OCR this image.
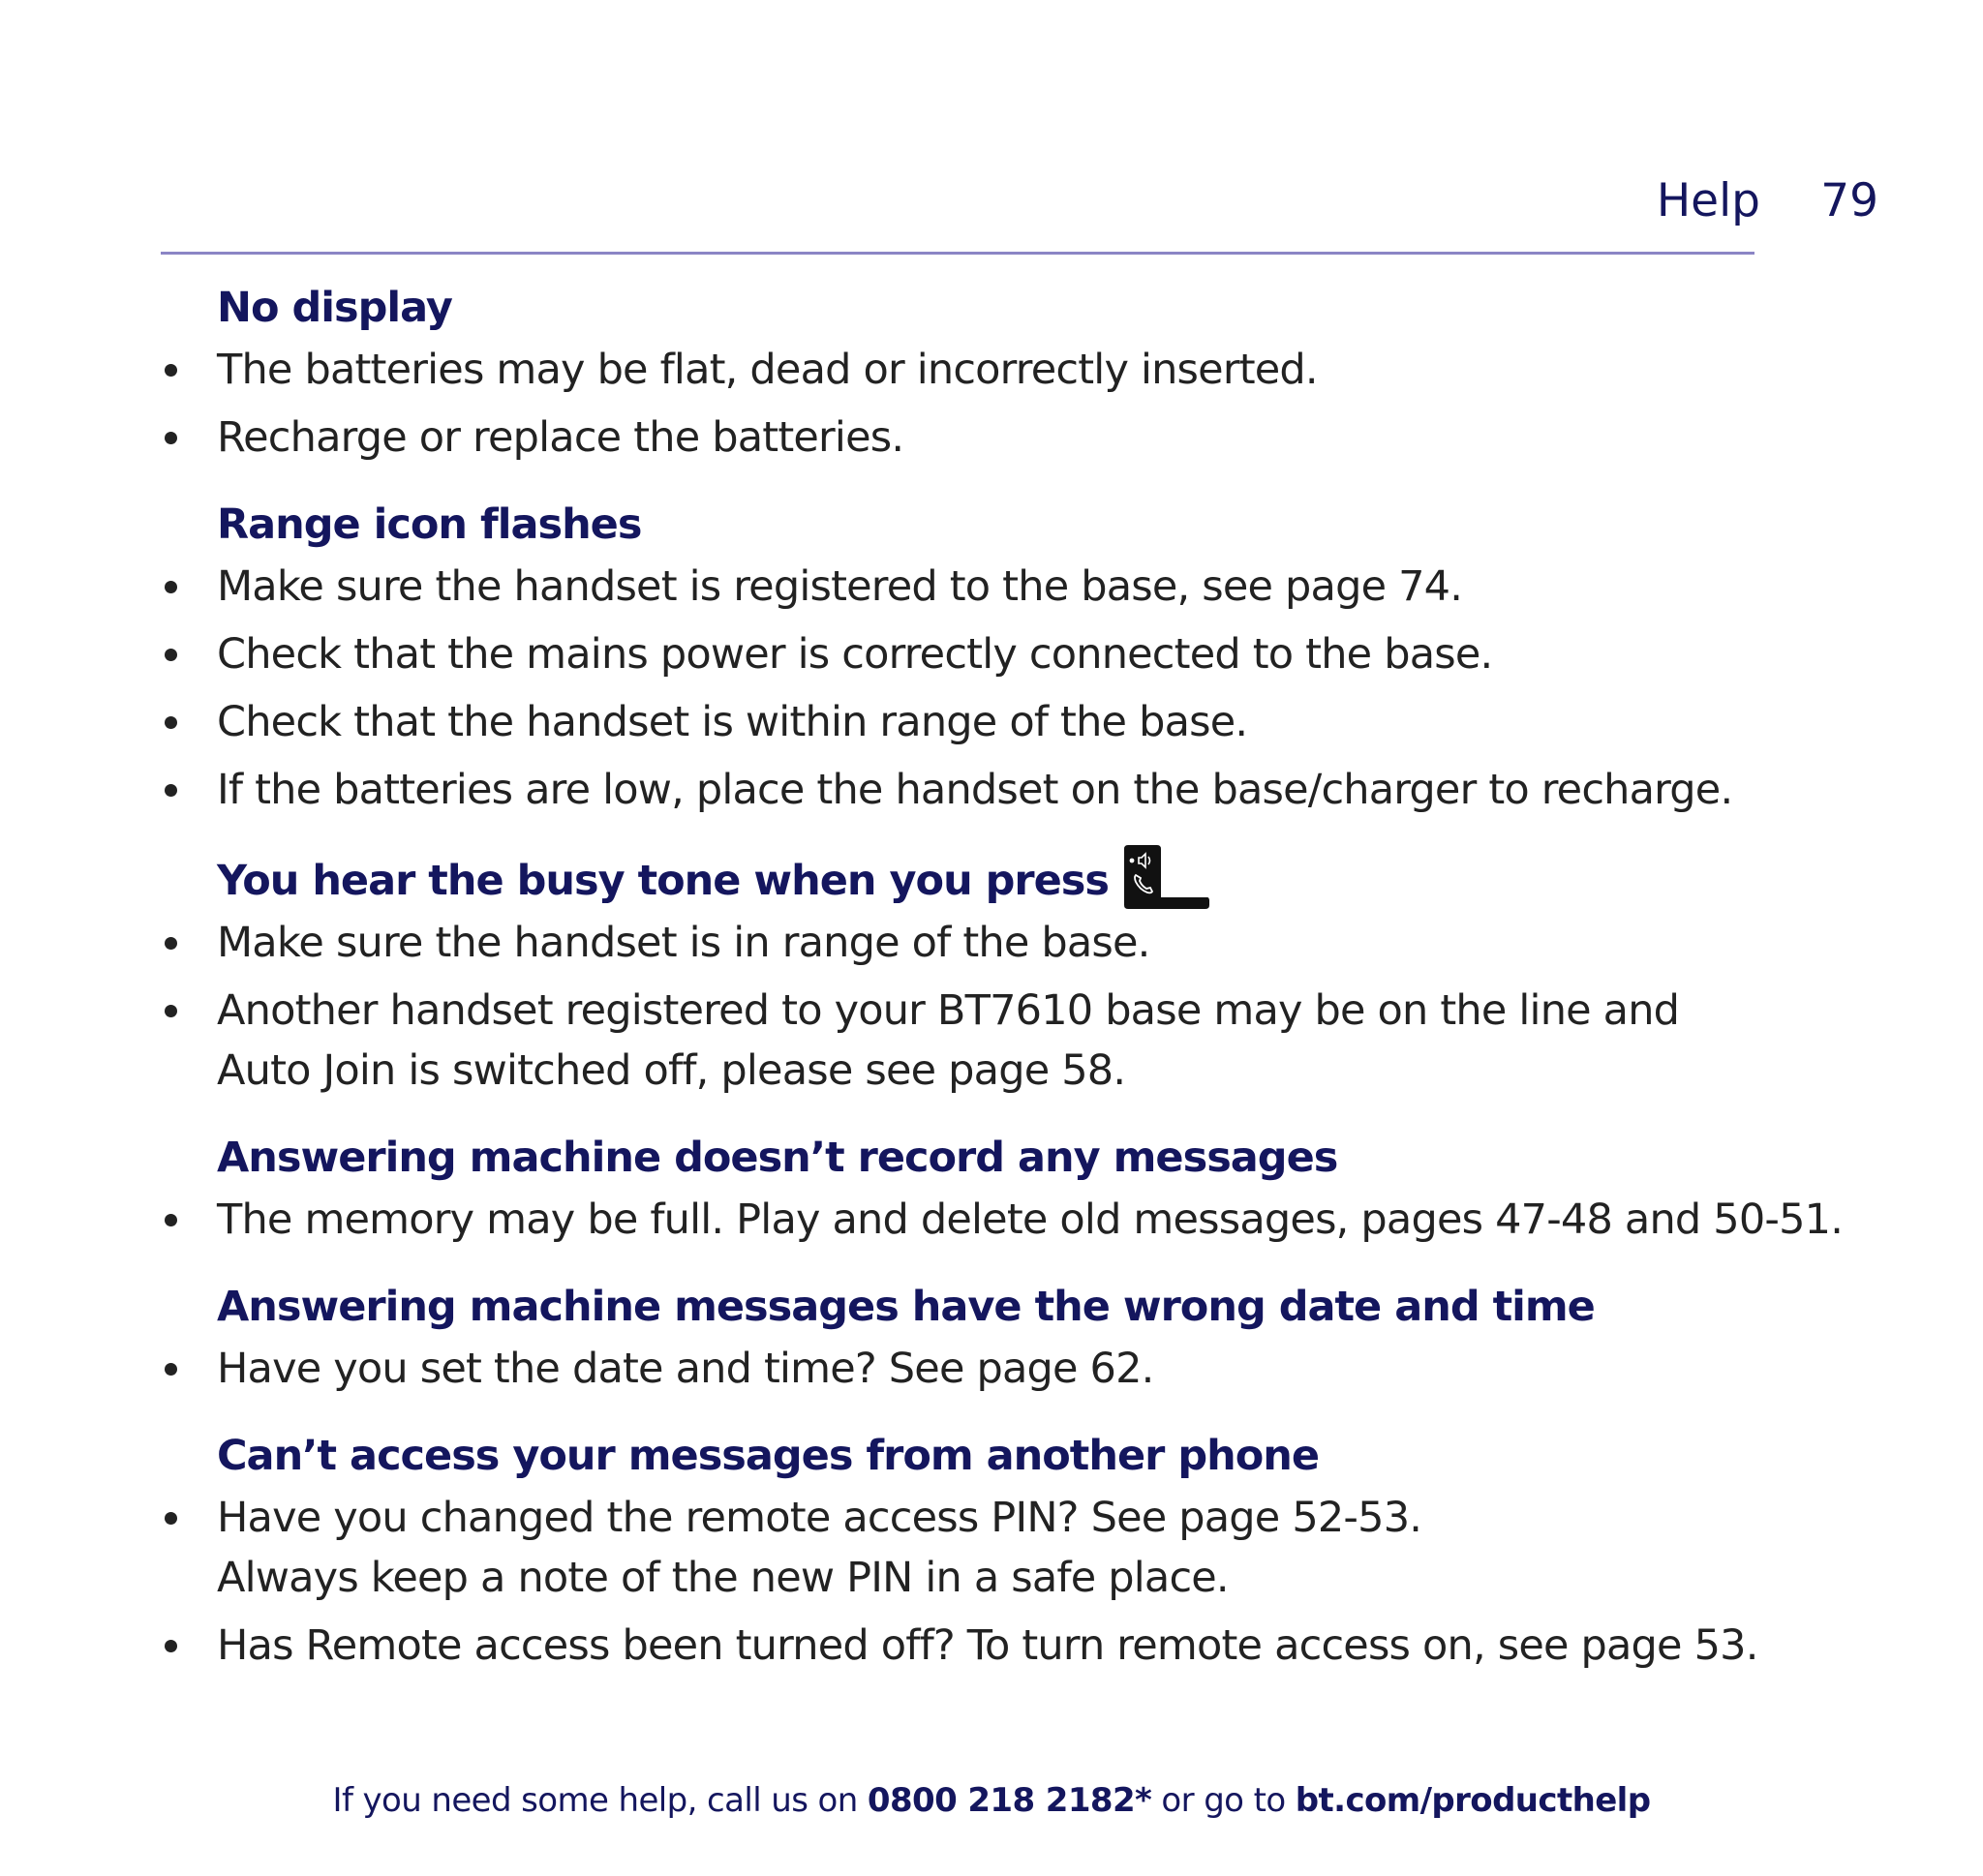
Help 79
No display
The batteries may be flat, dead or incorrectly inserted.
Recharge or replace the batteries.
Range icon flashes
Make sure the handset is registered to the base, see page 74.
Check that the mains power is correctly connected to the base.
Check that the handset is within range of the base.
If the batteries are low, place the handset on the base/charger to recharge.
You hear the busy tone when you press
Make sure the handset is in range of the base.
Another handset registered to your BT7610 base may be on the line and
Auto Join is switched off, please see page 58.
Answering machine doesn’t record any messages
The memory may be full. Play and delete old messages, pages 47-48 and 50-51.
Answering machine messages have the wrong date and time
Have you set the date and time? See page 62.
Can’t access your messages from another phone
Have you changed the remote access PIN? See page 52-53.
Always keep a note of the new PIN in a safe place.
Has Remote access been turned off? To turn remote access on, see page 53.
If you need some help, call us on 0800 218 2182* or go to bt.com/producthelp
